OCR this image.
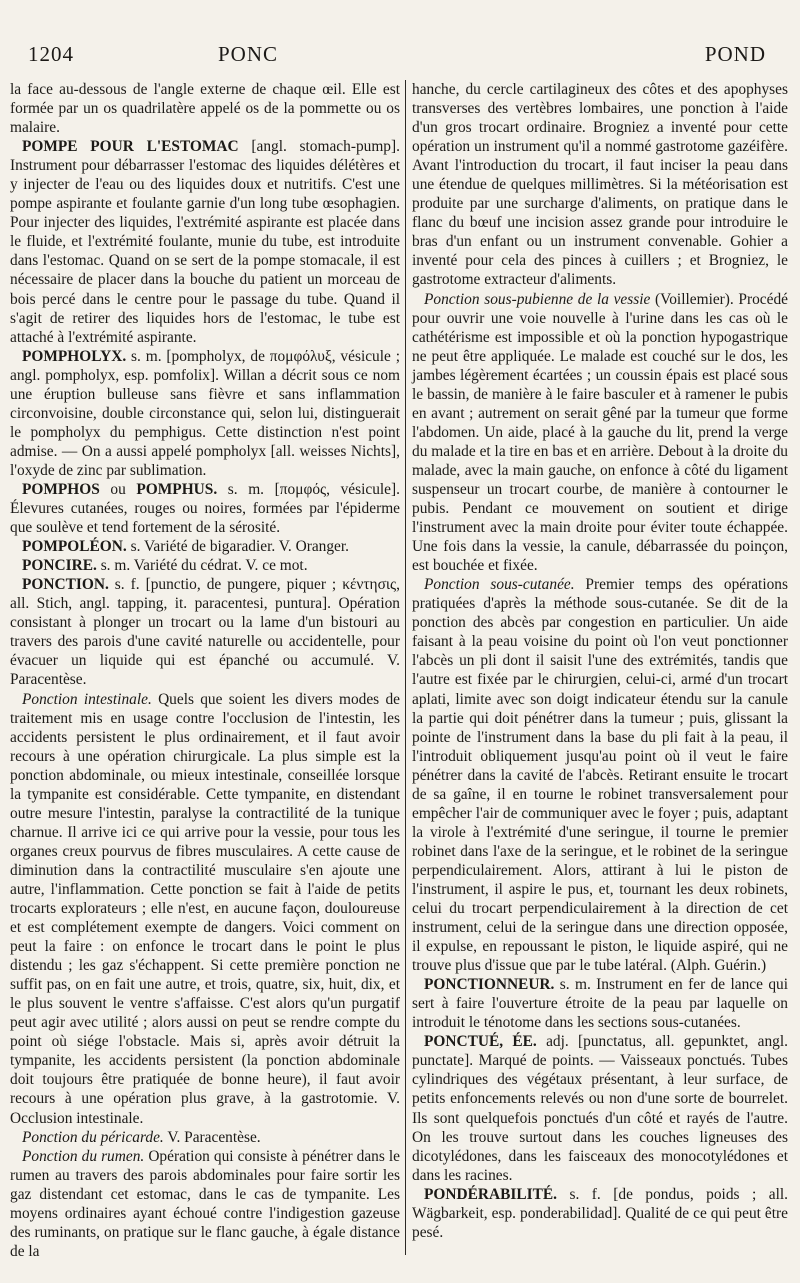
1204	PONC	POND

la face au-dessous de l'angle externe de chaque œil. Elle est formée par un os quadrilatère appelé os de la pommette ou os malaire.

POMPE POUR L'ESTOMAC [angl. stomach-pump]. Instrument pour débarrasser l'estomac des liquides délétères et y injecter de l'eau ou des liquides doux et nutritifs. C'est une pompe aspirante et foulante garnie d'un long tube œsophagien. Pour injecter des liquides, l'extrémité aspirante est placée dans le fluide, et l'extrémité foulante, munie du tube, est introduite dans l'estomac. Quand on se sert de la pompe stomacale, il est nécessaire de placer dans la bouche du patient un morceau de bois percé dans le centre pour le passage du tube. Quand il s'agit de retirer des liquides hors de l'estomac, le tube est attaché à l'extrémité aspirante.

POMPHOLYX. s. m. [pompholyx, de πομφόλυξ, vésicule ; angl. pompholyx, esp. pomfolix]. Willan a décrit sous ce nom une éruption bulleuse sans fièvre et sans inflammation circonvoisine, double circonstance qui, selon lui, distinguerait le pompholyx du pemphigus. Cette distinction n'est point admise. — On a aussi appelé pompholyx [all. weisses Nichts], l'oxyde de zinc par sublimation.

POMPHOS ou POMPHUS. s. m. [πομφός, vésicule]. Élevures cutanées, rouges ou noires, formées par l'épiderme que soulève et tend fortement de la sérosité.

POMPOLÉON. s. Variété de bigaradier. V. Oranger.

PONCIRE. s. m. Variété du cédrat. V. ce mot.

PONCTION. s. f. [punctio, de pungere, piquer ; κέντησις, all. Stich, angl. tapping, it. paracentesi, puntura]. Opération consistant à plonger un trocart ou la lame d'un bistouri au travers des parois d'une cavité naturelle ou accidentelle, pour évacuer un liquide qui est épanché ou accumulé. V. Paracentèse.

Ponction intestinale. Quels que soient les divers modes de traitement mis en usage contre l'occlusion de l'intestin, les accidents persistent le plus ordinairement, et il faut avoir recours à une opération chirurgicale. La plus simple est la ponction abdominale, ou mieux intestinale, conseillée lorsque la tympanite est considérable. Cette tympanite, en distendant outre mesure l'intestin, paralyse la contractilité de la tunique charnue. Il arrive ici ce qui arrive pour la vessie, pour tous les organes creux pourvus de fibres musculaires. A cette cause de diminution dans la contractilité musculaire s'en ajoute une autre, l'inflammation. Cette ponction se fait à l'aide de petits trocarts explorateurs ; elle n'est, en aucune façon, douloureuse et est complétement exempte de dangers. Voici comment on peut la faire : on enfonce le trocart dans le point le plus distendu ; les gaz s'échappent. Si cette première ponction ne suffit pas, on en fait une autre, et trois, quatre, six, huit, dix, et le plus souvent le ventre s'affaisse. C'est alors qu'un purgatif peut agir avec utilité ; alors aussi on peut se rendre compte du point où siége l'obstacle. Mais si, après avoir détruit la tympanite, les accidents persistent (la ponction abdominale doit toujours être pratiquée de bonne heure), il faut avoir recours à une opération plus grave, à la gastrotomie. V. Occlusion intestinale.

Ponction du péricarde. V. Paracentèse.

Ponction du rumen. Opération qui consiste à pénétrer dans le rumen au travers des parois abdominales pour faire sortir les gaz distendant cet estomac, dans le cas de tympanite. Les moyens ordinaires ayant échoué contre l'indigestion gazeuse des ruminants, on pratique sur le flanc gauche, à égale distance de la

hanche, du cercle cartilagineux des côtes et des apophyses transverses des vertèbres lombaires, une ponction à l'aide d'un gros trocart ordinaire. Brogniez a inventé pour cette opération un instrument qu'il a nommé gastrotome gazéifère. Avant l'introduction du trocart, il faut inciser la peau dans une étendue de quelques millimètres. Si la météorisation est produite par une surcharge d'aliments, on pratique dans le flanc du bœuf une incision assez grande pour introduire le bras d'un enfant ou un instrument convenable. Gohier a inventé pour cela des pinces à cuillers ; et Brogniez, le gastrotome extracteur d'aliments.

Ponction sous-pubienne de la vessie (Voillemier). Procédé pour ouvrir une voie nouvelle à l'urine dans les cas où le cathétérisme est impossible et où la ponction hypogastrique ne peut être appliquée. Le malade est couché sur le dos, les jambes légèrement écartées ; un coussin épais est placé sous le bassin, de manière à le faire basculer et à ramener le pubis en avant ; autrement on serait gêné par la tumeur que forme l'abdomen. Un aide, placé à la gauche du lit, prend la verge du malade et la tire en bas et en arrière. Debout à la droite du malade, avec la main gauche, on enfonce à côté du ligament suspenseur un trocart courbe, de manière à contourner le pubis. Pendant ce mouvement on soutient et dirige l'instrument avec la main droite pour éviter toute échappée. Une fois dans la vessie, la canule, débarrassée du poinçon, est bouchée et fixée.

Ponction sous-cutanée. Premier temps des opérations pratiquées d'après la méthode sous-cutanée. Se dit de la ponction des abcès par congestion en particulier. Un aide faisant à la peau voisine du point où l'on veut ponctionner l'abcès un pli dont il saisit l'une des extrémités, tandis que l'autre est fixée par le chirurgien, celui-ci, armé d'un trocart aplati, limite avec son doigt indicateur étendu sur la canule la partie qui doit pénétrer dans la tumeur ; puis, glissant la pointe de l'instrument dans la base du pli fait à la peau, il l'introduit obliquement jusqu'au point où il veut le faire pénétrer dans la cavité de l'abcès. Retirant ensuite le trocart de sa gaîne, il en tourne le robinet transversalement pour empêcher l'air de communiquer avec le foyer ; puis, adaptant la virole à l'extrémité d'une seringue, il tourne le premier robinet dans l'axe de la seringue, et le robinet de la seringue perpendiculairement. Alors, attirant à lui le piston de l'instrument, il aspire le pus, et, tournant les deux robinets, celui du trocart perpendiculairement à la direction de cet instrument, celui de la seringue dans une direction opposée, il expulse, en repoussant le piston, le liquide aspiré, qui ne trouve plus d'issue que par le tube latéral. (Alph. Guérin.)

PONCTIONNEUR. s. m. Instrument en fer de lance qui sert à faire l'ouverture étroite de la peau par laquelle on introduit le ténotome dans les sections sous-cutanées.

PONCTUÉ, ÉE. adj. [punctatus, all. gepunktet, angl. punctate]. Marqué de points. — Vaisseaux ponctués. Tubes cylindriques des végétaux présentant, à leur surface, de petits enfoncements relevés ou non d'une sorte de bourrelet. Ils sont quelquefois ponctués d'un côté et rayés de l'autre. On les trouve surtout dans les couches ligneuses des dicotylédones, dans les faisceaux des monocotylédones et dans les racines.

PONDÉRABILITÉ. s. f. [de pondus, poids ; all. Wägbarkeit, esp. ponderabilidad]. Qualité de ce qui peut être pesé.
